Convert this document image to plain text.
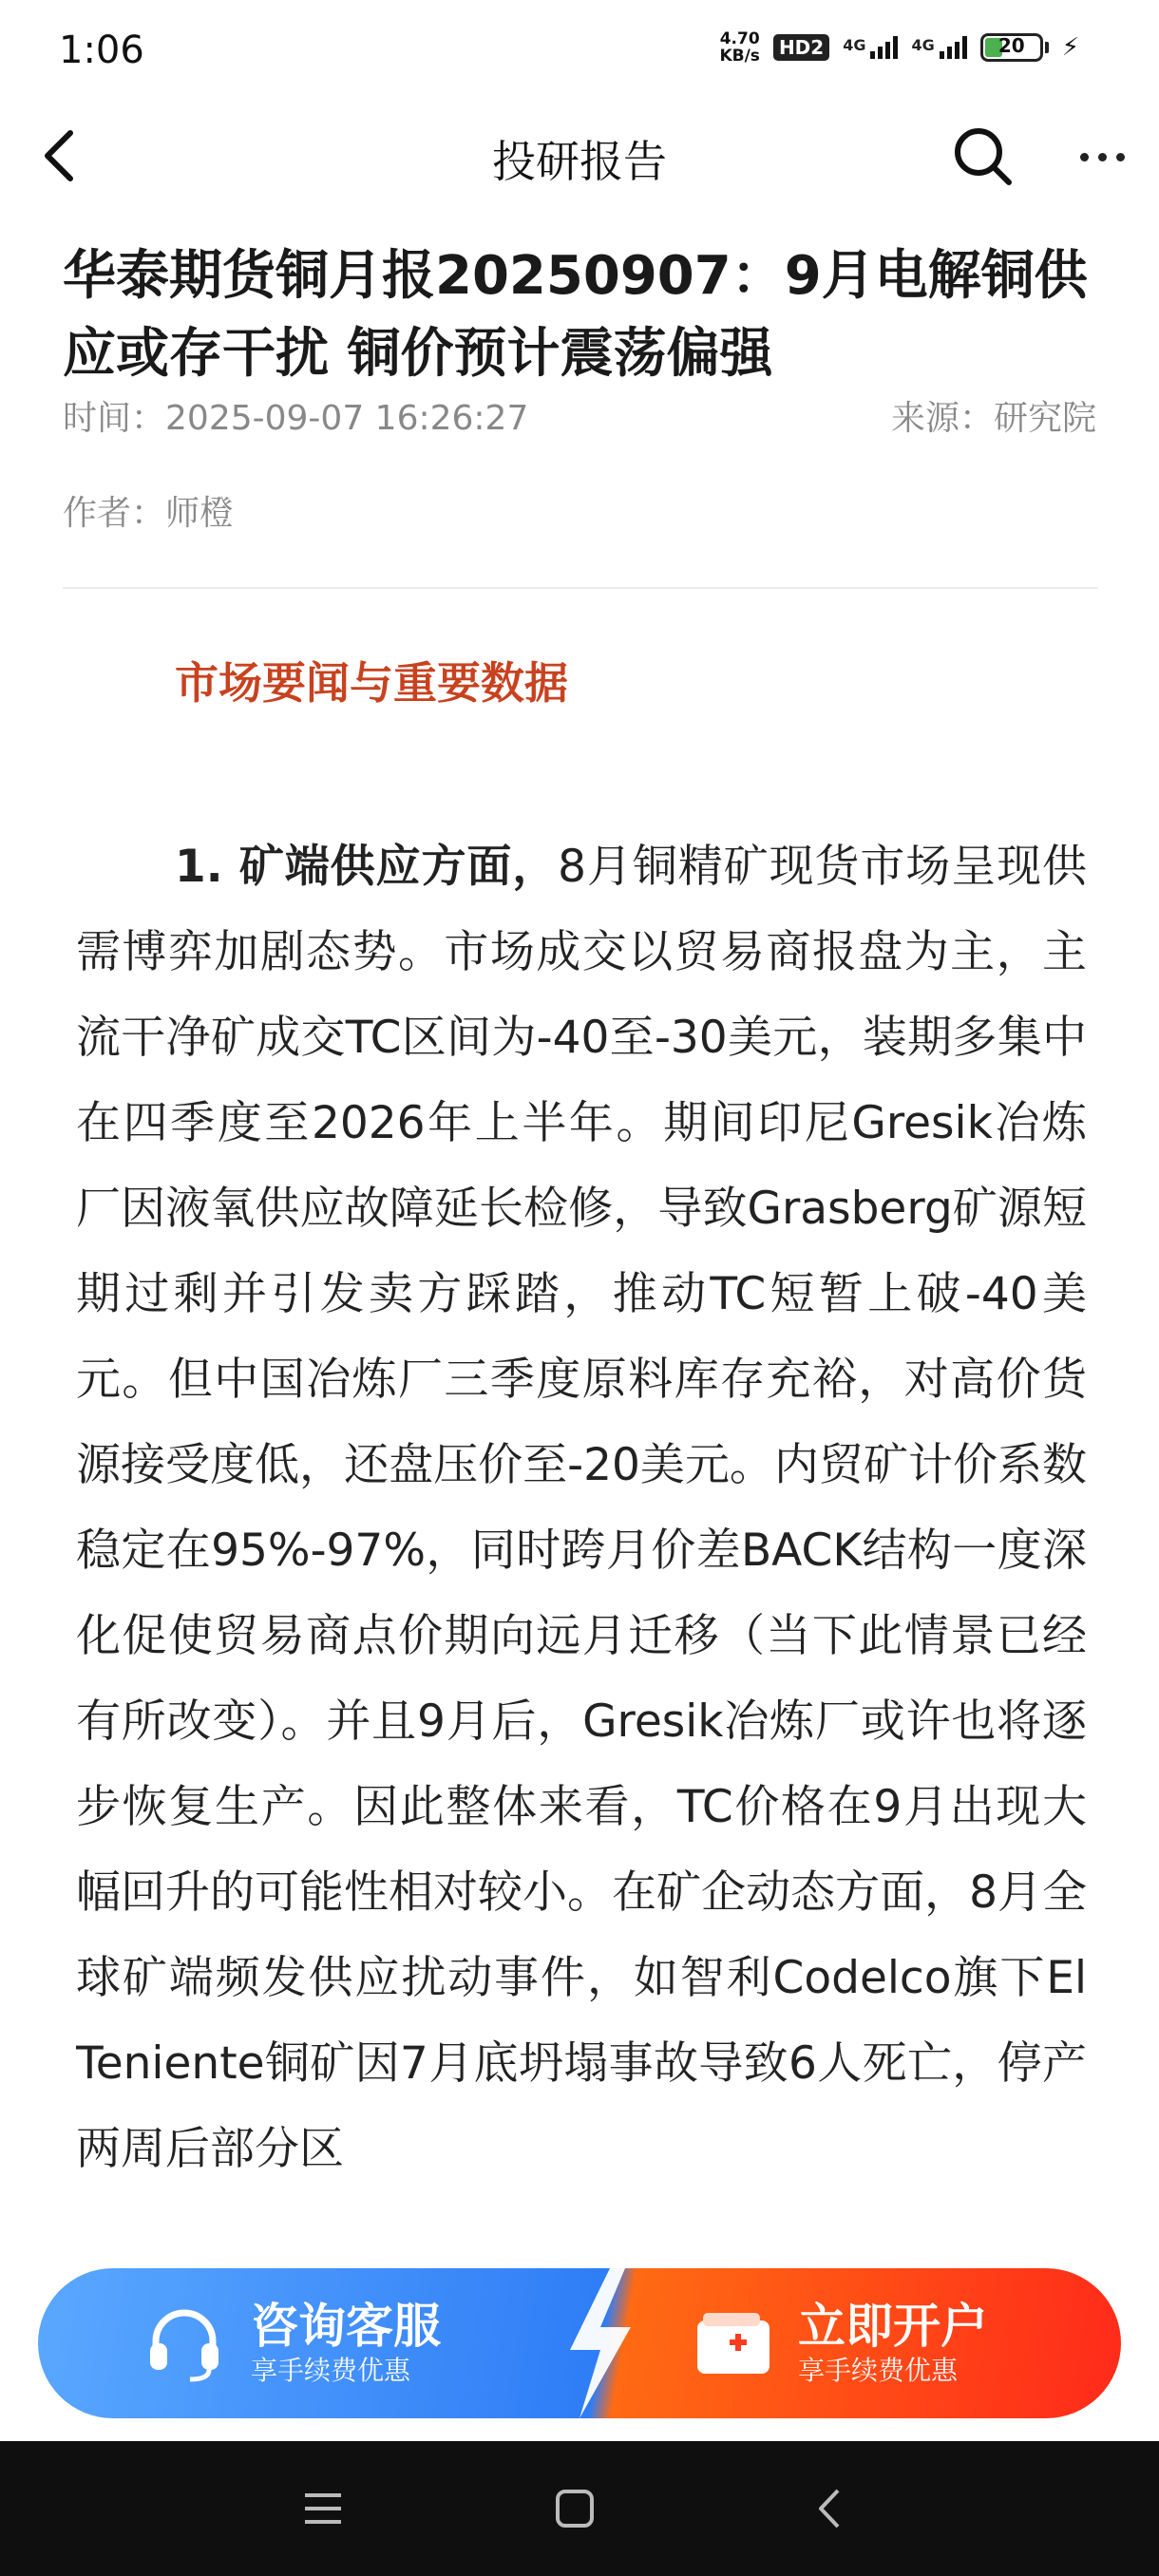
1:06	4.70
KB/s	HD2	4G	4G	20	⚡
投研报告
华泰期货铜月报20250907：9月电解铜供应或存干扰 铜价预计震荡偏强
时间：2025-09-07 16:26:27	来源：研究院
作者：师橙
市场要闻与重要数据

1. 矿端供应方面，8月铜精矿现货市场呈现供需博弈加剧态势。市场成交以贸易商报盘为主，主流干净矿成交TC区间为-40至-30美元，装期多集中在四季度至2026年上半年。期间印尼Gresik冶炼厂因液氧供应故障延长检修，导致Grasberg矿源短期过剩并引发卖方踩踏，推动TC短暂上破-40美元。但中国冶炼厂三季度原料库存充裕，对高价货源接受度低，还盘压价至-20美元。内贸矿计价系数稳定在95%-97%，同时跨月价差BACK结构一度深化促使贸易商点价期向远月迁移（当下此情景已经有所改变）。并且9月后，Gresik冶炼厂或许也将逐步恢复生产。因此整体来看，TC价格在9月出现大幅回升的可能性相对较小。在矿企动态方面，8月全球矿端频发供应扰动事件，如智利Codelco旗下El Teniente铜矿因7月底坍塌事故导致6人死亡，停产两周后部分区

咨询客服
享手续费优惠
立即开户
享手续费优惠
